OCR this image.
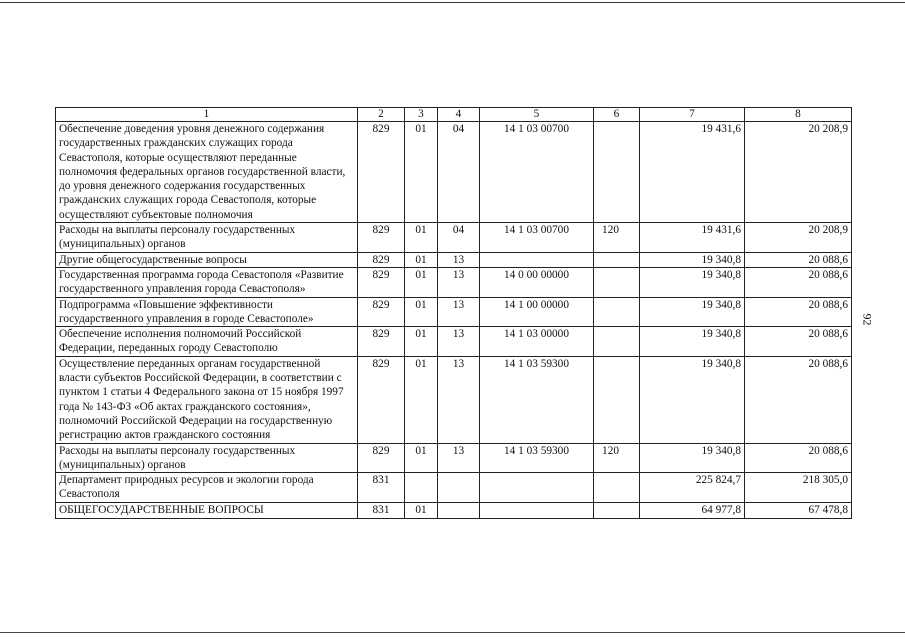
1	2	3	4	5	6	7	8
Обеспечение доведения уровня денежного содержания государственных гражданских служащих города Севастополя, которые осуществляют переданные полномочия федеральных органов государственной власти, до уровня денежного содержания государственных гражданских служащих города Севастополя, которые осуществляют субъектовые полномочия	829	01	04	14 1 03 00700		19 431,6	20 208,9
Расходы на выплаты персоналу государственных (муниципальных) органов	829	01	04	14 1 03 00700	120	19 431,6	20 208,9
Другие общегосударственные вопросы	829	01	13			19 340,8	20 088,6
Государственная программа города Севастополя «Развитие государственного управления города Севастополя»	829	01	13	14 0 00 00000		19 340,8	20 088,6
Подпрограмма «Повышение эффективности государственного управления в городе Севастополе»	829	01	13	14 1 00 00000		19 340,8	20 088,6
Обеспечение исполнения полномочий Российской Федерации, переданных городу Севастополю	829	01	13	14 1 03 00000		19 340,8	20 088,6
Осуществление переданных органам государственной власти субъектов Российской Федерации, в соответствии с пунктом 1 статьи 4 Федерального закона от 15 ноября 1997 года № 143-ФЗ «Об актах гражданского состояния», полномочий Российской Федерации на государственную регистрацию актов гражданского состояния	829	01	13	14 1 03 59300		19 340,8	20 088,6
Расходы на выплаты персоналу государственных (муниципальных) органов	829	01	13	14 1 03 59300	120	19 340,8	20 088,6
Департамент природных ресурсов и экологии города Севастополя	831					225 824,7	218 305,0
ОБЩЕГОСУДАРСТВЕННЫЕ ВОПРОСЫ	831	01				64 977,8	67 478,8
92
